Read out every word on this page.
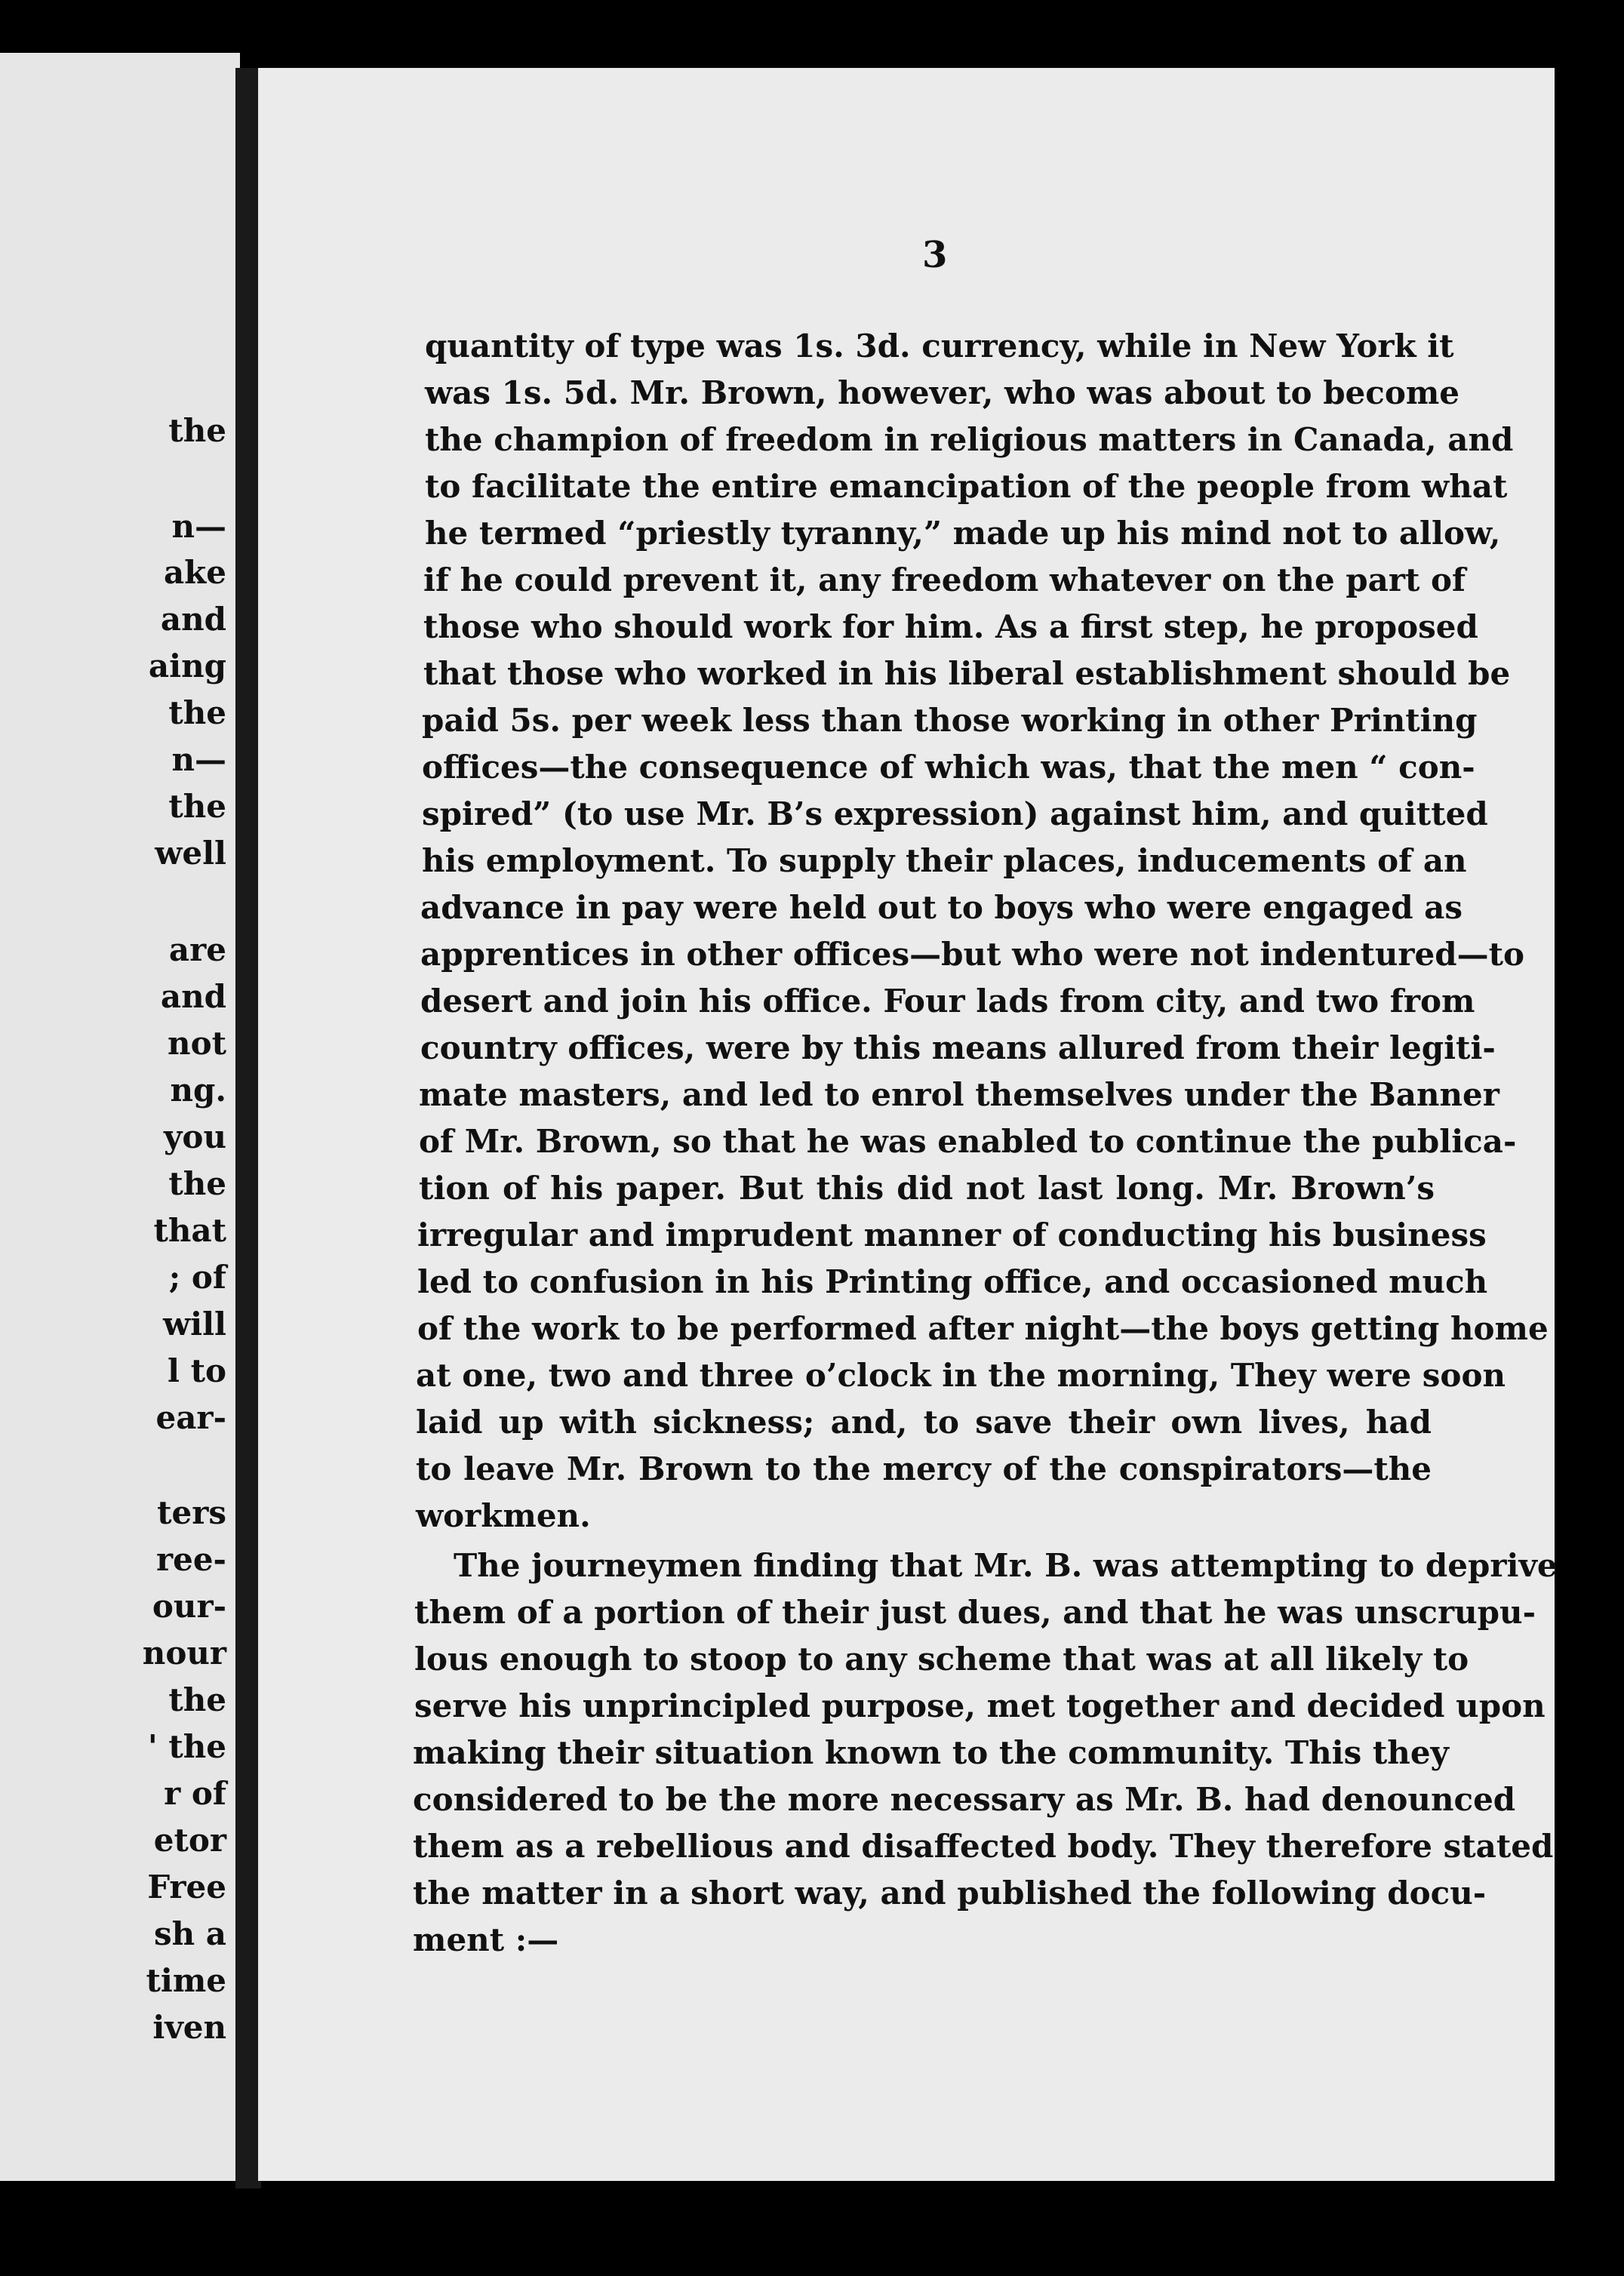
the
n—
ake
and
aing
the
n—
the
well
are
and
not
ng.
you
the
that
; of
will
l to
ear-
ters
ree-
our-
nour
the
' the
r of
etor
Free
sh a
time
iven
3
quantity of type was 1s. 3d. currency, while in New York it
was 1s. 5d. Mr. Brown, however, who was about to become
the champion of freedom in religious matters in Canada, and
to facilitate the entire emancipation of the people from what
he termed “priestly tyranny,” made up his mind not to allow,
if he could prevent it, any freedom whatever on the part of
those who should work for him. As a first step, he proposed
that those who worked in his liberal establishment should be
paid 5s. per week less than those working in other Printing
offices—the consequence of which was, that the men “ con-
spired” (to use Mr. B’s expression) against him, and quitted
his employment. To supply their places, inducements of an
advance in pay were held out to boys who were engaged as
apprentices in other offices—but who were not indentured—to
desert and join his office. Four lads from city, and two from
country offices, were by this means allured from their legiti-
mate masters, and led to enrol themselves under the Banner
of Mr. Brown, so that he was enabled to continue the publica-
tion of his paper. But this did not last long. Mr. Brown’s
irregular and imprudent manner of conducting his business
led to confusion in his Printing office, and occasioned much
of the work to be performed after night—the boys getting home
at one, two and three o’clock in the morning, They were soon
laid up with sickness; and, to save their own lives, had
to leave Mr. Brown to the mercy of the conspirators—the
workmen.
The journeymen finding that Mr. B. was attempting to deprive
them of a portion of their just dues, and that he was unscrupu-
lous enough to stoop to any scheme that was at all likely to
serve his unprincipled purpose, met together and decided upon
making their situation known to the community. This they
considered to be the more necessary as Mr. B. had denounced
them as a rebellious and disaffected body. They therefore stated
the matter in a short way, and published the following docu-
ment :—
